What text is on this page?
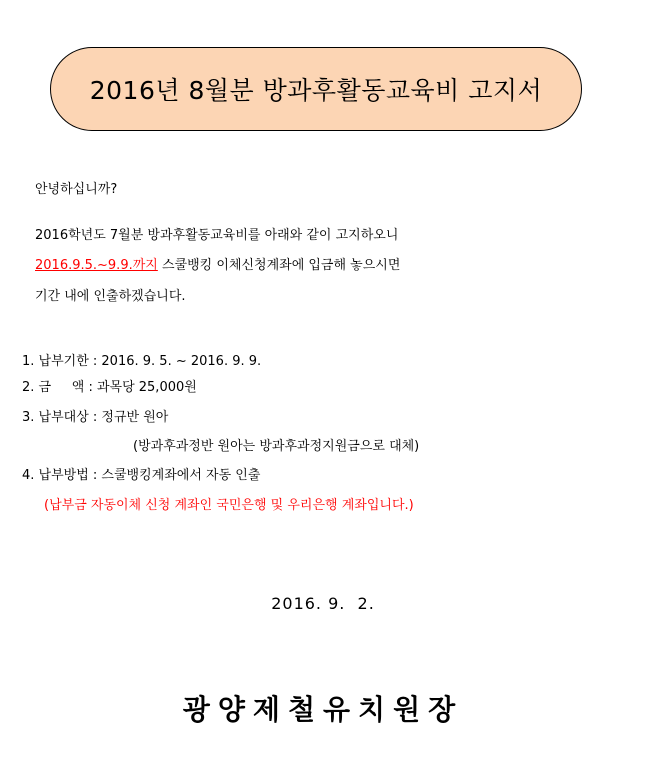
2016년 8월분 방과후활동교육비 고지서
안녕하십니까?
2016학년도 7월분 방과후활동교육비를 아래와 같이 고지하오니
2016.9.5.~9.9.까지 스쿨뱅킹 이체신청계좌에 입금해 놓으시면
기간 내에 인출하겠습니다.
1. 납부기한 : 2016. 9. 5. ~ 2016. 9. 9.
2. 금     액 : 과목당 25,000원
3. 납부대상 : 정규반 원아
(방과후과정반 원아는 방과후과정지원금으로 대체)
4. 납부방법 : 스쿨뱅킹계좌에서 자동 인출
(납부금 자동이체 신청 계좌인 국민은행 및 우리은행 계좌입니다.)
2016. 9.  2.
광양제철유치원장
